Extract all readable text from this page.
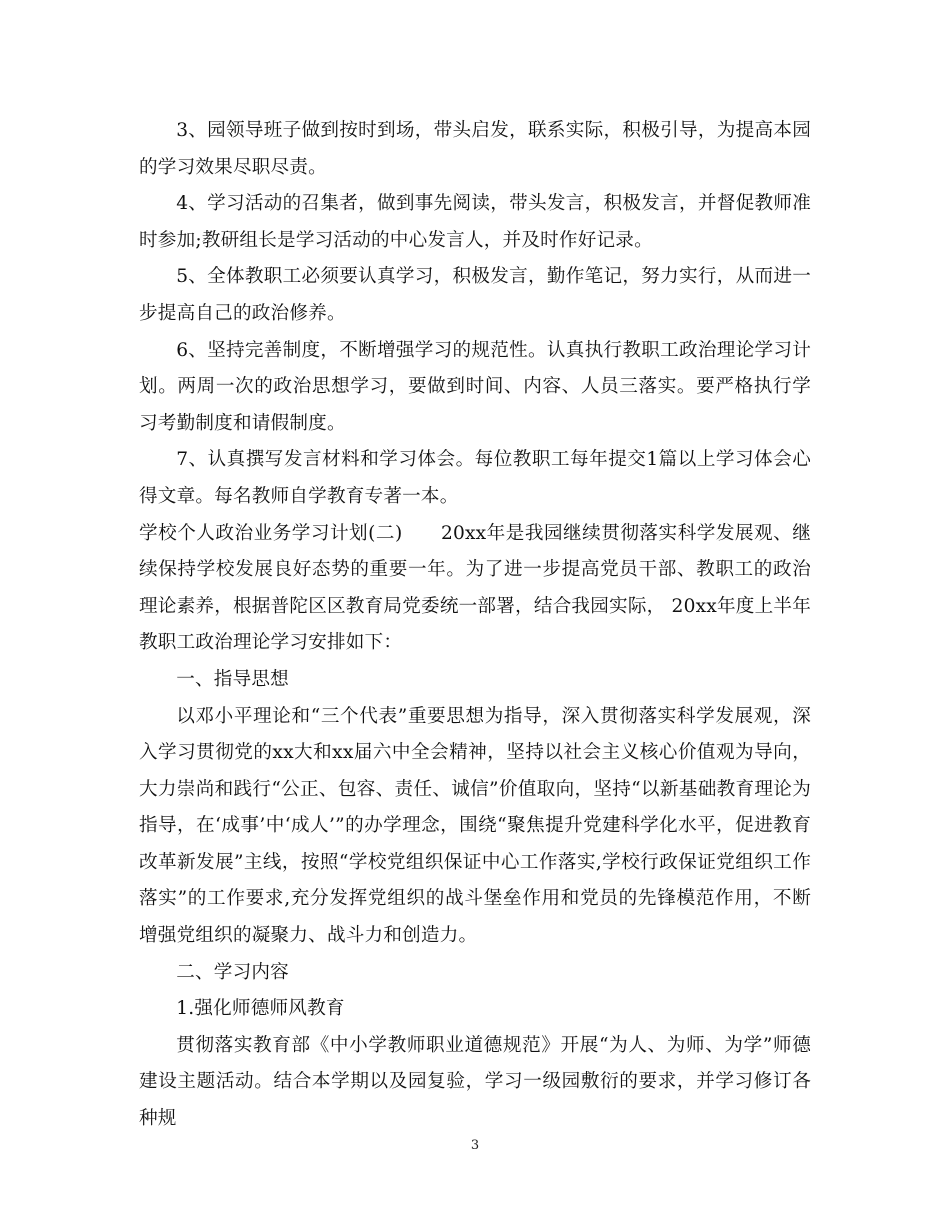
3、园领导班子做到按时到场，带头启发，联系实际，积极引导，为提高本园的学习效果尽职尽责。

4、学习活动的召集者，做到事先阅读，带头发言，积极发言，并督促教师准时参加;教研组长是学习活动的中心发言人，并及时作好记录。

5、全体教职工必须要认真学习，积极发言，勤作笔记，努力实行，从而进一步提高自己的政治修养。

6、坚持完善制度，不断增强学习的规范性。认真执行教职工政治理论学习计划。两周一次的政治思想学习，要做到时间、内容、人员三落实。要严格执行学习考勤制度和请假制度。

7、认真撰写发言材料和学习体会。每位教职工每年提交1篇以上学习体会心得文章。每名教师自学教育专著一本。

学校个人政治业务学习计划(二)　　20xx年是我园继续贯彻落实科学发展观、继续保持学校发展良好态势的重要一年。为了进一步提高党员干部、教职工的政治理论素养，根据普陀区区教育局党委统一部署，结合我园实际， 20xx年度上半年教职工政治理论学习安排如下：

一、指导思想

以邓小平理论和“三个代表”重要思想为指导，深入贯彻落实科学发展观，深入学习贯彻党的xx大和xx届六中全会精神，坚持以社会主义核心价值观为导向，大力崇尚和践行“公正、包容、责任、诚信”价值取向，坚持“以新基础教育理论为指导，在‘成事’中‘成人’”的办学理念，围绕“聚焦提升党建科学化水平，促进教育改革新发展”主线，按照“学校党组织保证中心工作落实,学校行政保证党组织工作落实”的工作要求,充分发挥党组织的战斗堡垒作用和党员的先锋模范作用，不断增强党组织的凝聚力、战斗力和创造力。

二、学习内容

1.强化师德师风教育

贯彻落实教育部《中小学教师职业道德规范》开展“为人、为师、为学”师德建设主题活动。结合本学期以及园复验，学习一级园敷衍的要求，并学习修订各种规

3
